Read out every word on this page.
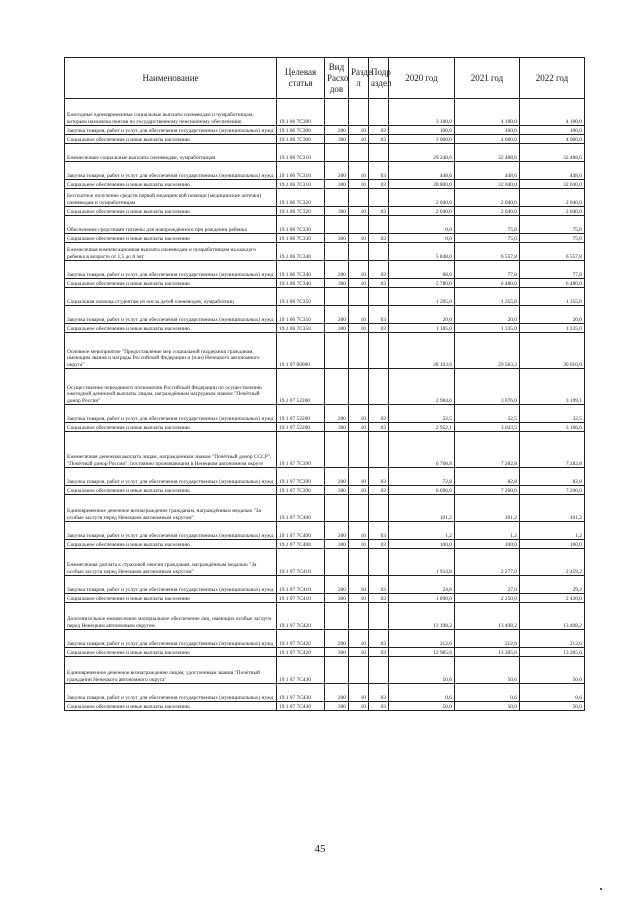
Наименование	Целевая статья	Вид Расхо дов	Разде л	Подр аздел	2020 год	2021 год	2022 год
Ежегодные единовременные социальные выплаты оленеводам и чумработницам, которым назначена пенсия по государственному пенсионному обеспечению	19 1 06 7С300				3 100,0	4 100,0	4 100,0
Закупка товаров, работ и услуг для обеспечения государственных (муниципальных) нужд	19 1 06 7С300	200	10	03	100,0	100,0	100,0
Социальное обеспечение и иные выплаты населению	19 1 06 7С300	300	10	03	3 000,0	4 000,0	4 000,0
Ежемесячные социальные выплаты оленеводам, чумработницам	19 1 06 7С310				29 248,6	32 488,6	32 488,6
Закупка товаров, работ и услуг для обеспечения государственных (муниципальных) нужд	19 1 06 7С310	200	10	03	448,6	448,6	448,6
Социальное обеспечение и иные выплаты населению	19 1 06 7С310	300	10	03	28 800,0	32 040,0	32 040,0
Бесплатное получение средств первой медицинской помощи (медицинские аптечки) оленеводам и чумработницам	19 1 06 7С320				2 040,0	2 040,0	2 040,0
Социальное обеспечение и иные выплаты населению	19 1 06 7С320	300	10	03	2 040,0	2 040,0	2 040,0
Обеспечение средствами гигиены для новорождённого при рождении ребенка	19 1 06 7С330				0,0	75,0	75,0
Социальное обеспечение и иные выплаты населению	19 1 06 7С330	300	10	03	0,0	75,0	75,0
Ежемесячная компенсационная выплата оленеводам и чумработницам на каждого ребенка в возрасте от 1,5 до 8 лет	19 1 06 7С340				5 848,0	6 557,8	6 557,8
Закупка товаров, работ и услуг для обеспечения государственных (муниципальных) нужд	19 1 06 7С340	200	10	03	68,0	77,8	77,8
Социальное обеспечение и иные выплаты населению	19 1 06 7С340	300	10	03	5 780,0	6 480,0	6 480,0
Социальная помощь студентам из числа детей оленеводов, чумработниц	19 1 06 7С350				1 205,0	1 355,0	1 355,0
Закупка товаров, работ и услуг для обеспечения государственных (муниципальных) нужд	19 1 06 7С350	200	10	03	20,0	20,0	20,0
Социальное обеспечение и иные выплаты населению	19 1 06 7С350	300	10	03	1 185,0	1 335,0	1 335,0
Основное мероприятие "Предоставление мер социальной поддержки гражданам, имеющим звания и награды Российской Федерации и (или) Ненецкого автономного округа"	19 1 07 00000				28 103,6	29 583,3	30 010,6
Осуществление переданного полномочия Российской Федерации по осуществлению ежегодной денежной выплаты лицам, награждённым нагрудным знаком "Почётный донор России"	19 1 07 52200				2 984,6	3 076,0	3 199,1
Закупка товаров, работ и услуг для обеспечения государственных (муниципальных) нужд	19 1 07 52200	200	10	03	32,5	32,5	32,5
Социальное обеспечение и иные выплаты населению	19 1 07 52200	300	10	03	2 952,1	3 043,5	3 166,6
Ежемесячная денежная выплата лицам, награждённым знаком "Почётный донор СССР", "Почётный донор России", постоянно проживающим в Ненецком автономном округе	19 1 07 7С390				6 768,8	7 282,8	7 282,8
Закупка товаров, работ и услуг для обеспечения государственных (муниципальных) нужд	19 1 07 7С390	200	10	03	72,8	82,8	82,8
Социальное обеспечение и иные выплаты населению	19 1 07 7С390	300	10	03	6 696,0	7 200,0	7 200,0
Единовременное денежное вознаграждение гражданам, награждённым медалью "За особые заслуги перед Ненецким автономным округом"	19 1 07 7С400				101,2	101,2	101,2
Закупка товаров, работ и услуг для обеспечения государственных (муниципальных) нужд	19 1 07 7С400	200	10	03	1,2	1,2	1,2
Социальное обеспечение и иные выплаты населению	19 1 07 7С400	300	10	03	100,0	100,0	100,0
Ежемесячная доплата к страховой пенсии гражданам, награждённым медалью "За особые заслуги перед Ненецким автономным округом"	19 1 07 7С410				1 914,8	2 277,0	2 459,2
Закупка товаров, работ и услуг для обеспечения государственных (муниципальных) нужд	19 1 07 7С410	200	10	03	24,8	27,0	29,2
Социальное обеспечение и иные выплаты населению	19 1 07 7С410	300	10	03	1 890,0	2 250,0	2 430,0
Дополнительное ежемесячное материальное обеспечение лиц, имеющих особые заслуги перед Ненецким автономным округом	19 1 07 7С420				13 198,2	13 498,2	13 498,2
Закупка товаров, работ и услуг для обеспечения государственных (муниципальных) нужд	19 1 07 7С420	200	10	03	212,6	212,6	212,6
Социальное обеспечение и иные выплаты населению	19 1 07 7С420	300	10	03	12 985,6	13 285,6	13 285,6
Единовременное денежное вознаграждение лицам, удостоенным звания "Почётный гражданин Ненецкого автономного округа"	19 1 07 7С430				50,6	50,6	50,6
Закупка товаров, работ и услуг для обеспечения государственных (муниципальных) нужд	19 1 07 7С430	200	10	03	0,6	0,6	0,6
Социальное обеспечение и иные выплаты населению	19 1 07 7С430	300	10	03	50,0	50,0	50,0
45
